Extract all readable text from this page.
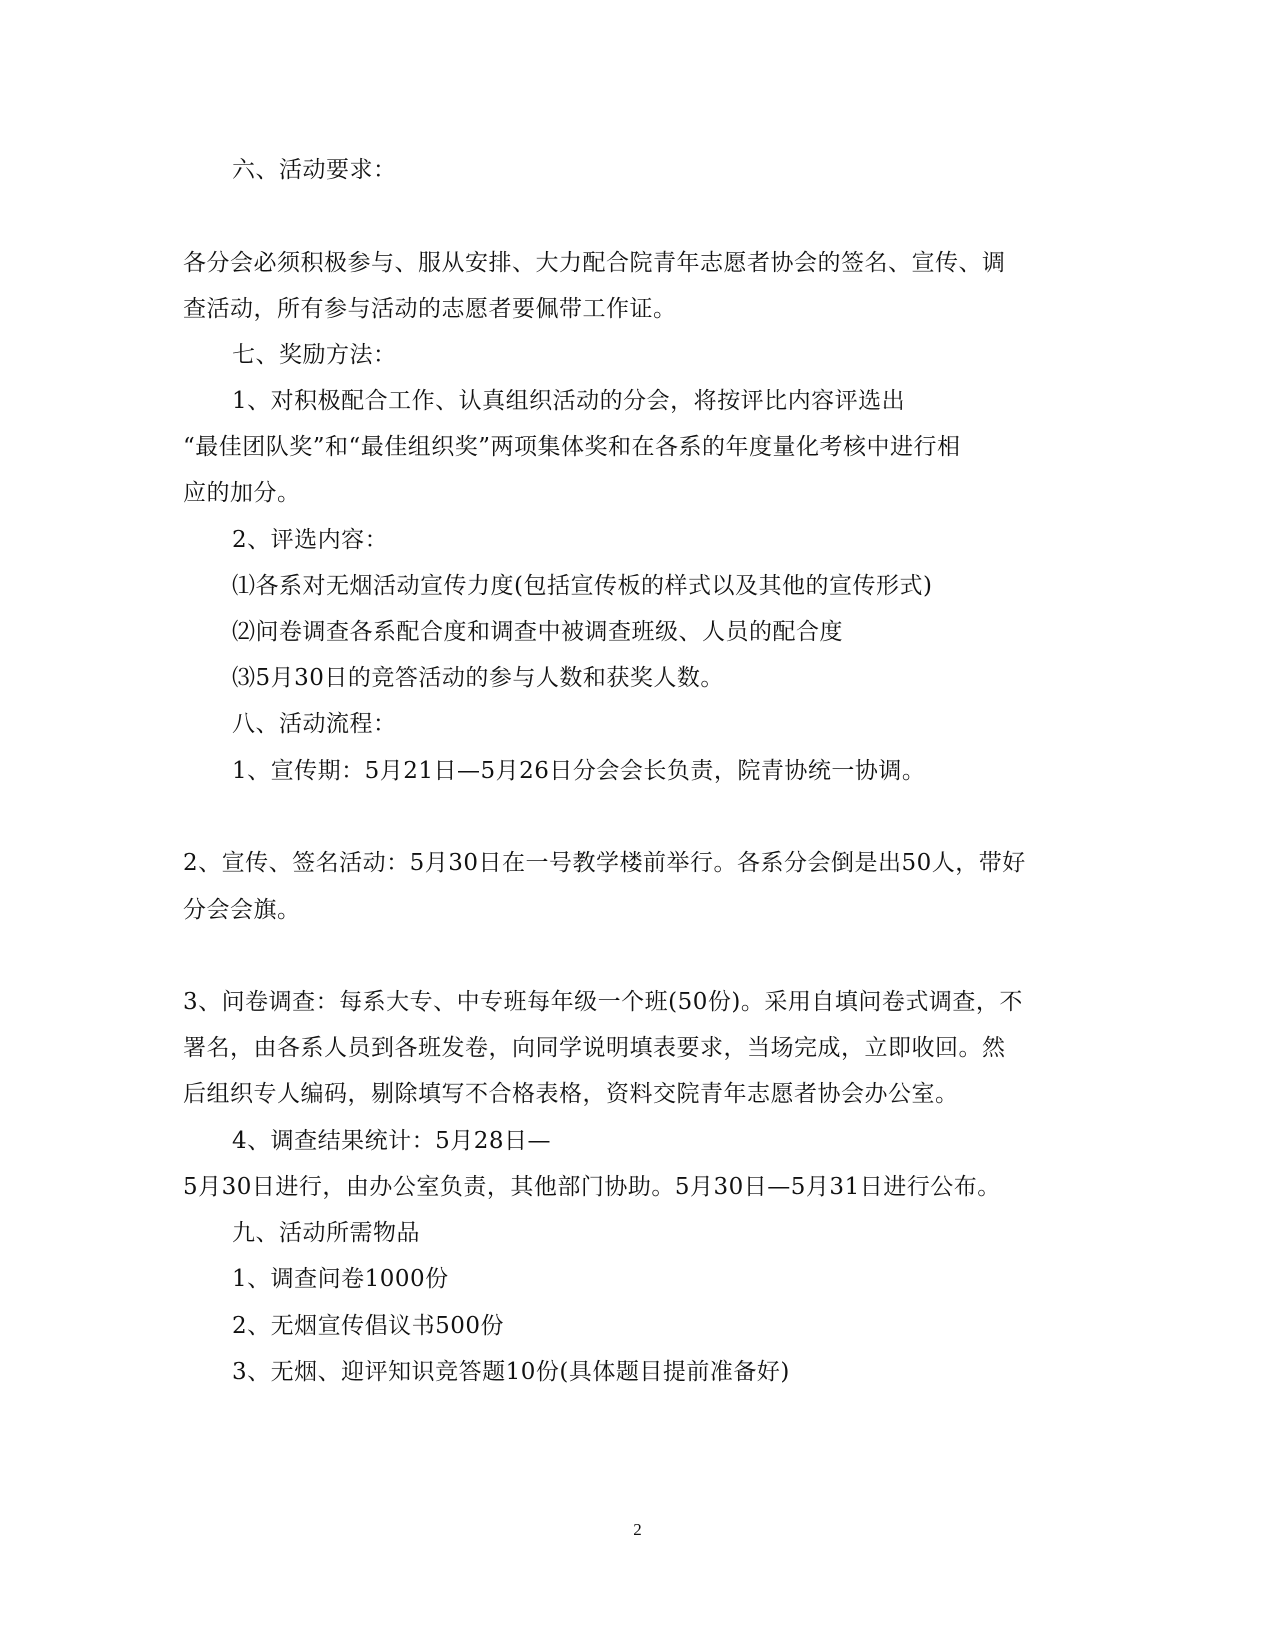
六、活动要求：
各分会必须积极参与、服从安排、大力配合院青年志愿者协会的签名、宣传、调
查活动，所有参与活动的志愿者要佩带工作证。
七、奖励方法：
1、对积极配合工作、认真组织活动的分会，将按评比内容评选出
“最佳团队奖”和“最佳组织奖”两项集体奖和在各系的年度量化考核中进行相
应的加分。
2、评选内容：
⑴各系对无烟活动宣传力度(包括宣传板的样式以及其他的宣传形式)
⑵问卷调查各系配合度和调查中被调查班级、人员的配合度
⑶5月30日的竞答活动的参与人数和获奖人数。
八、活动流程：
1、宣传期：5月21日—5月26日分会会长负责，院青协统一协调。
2、宣传、签名活动：5月30日在一号教学楼前举行。各系分会倒是出50人，带好
分会会旗。
3、问卷调查：每系大专、中专班每年级一个班(50份)。采用自填问卷式调查，不
署名，由各系人员到各班发卷，向同学说明填表要求，当场完成，立即收回。然
后组织专人编码，剔除填写不合格表格，资料交院青年志愿者协会办公室。
4、调查结果统计：5月28日—
5月30日进行，由办公室负责，其他部门协助。5月30日—5月31日进行公布。
九、活动所需物品
1、调查问卷1000份
2、无烟宣传倡议书500份
3、无烟、迎评知识竞答题10份(具体题目提前准备好)
2
